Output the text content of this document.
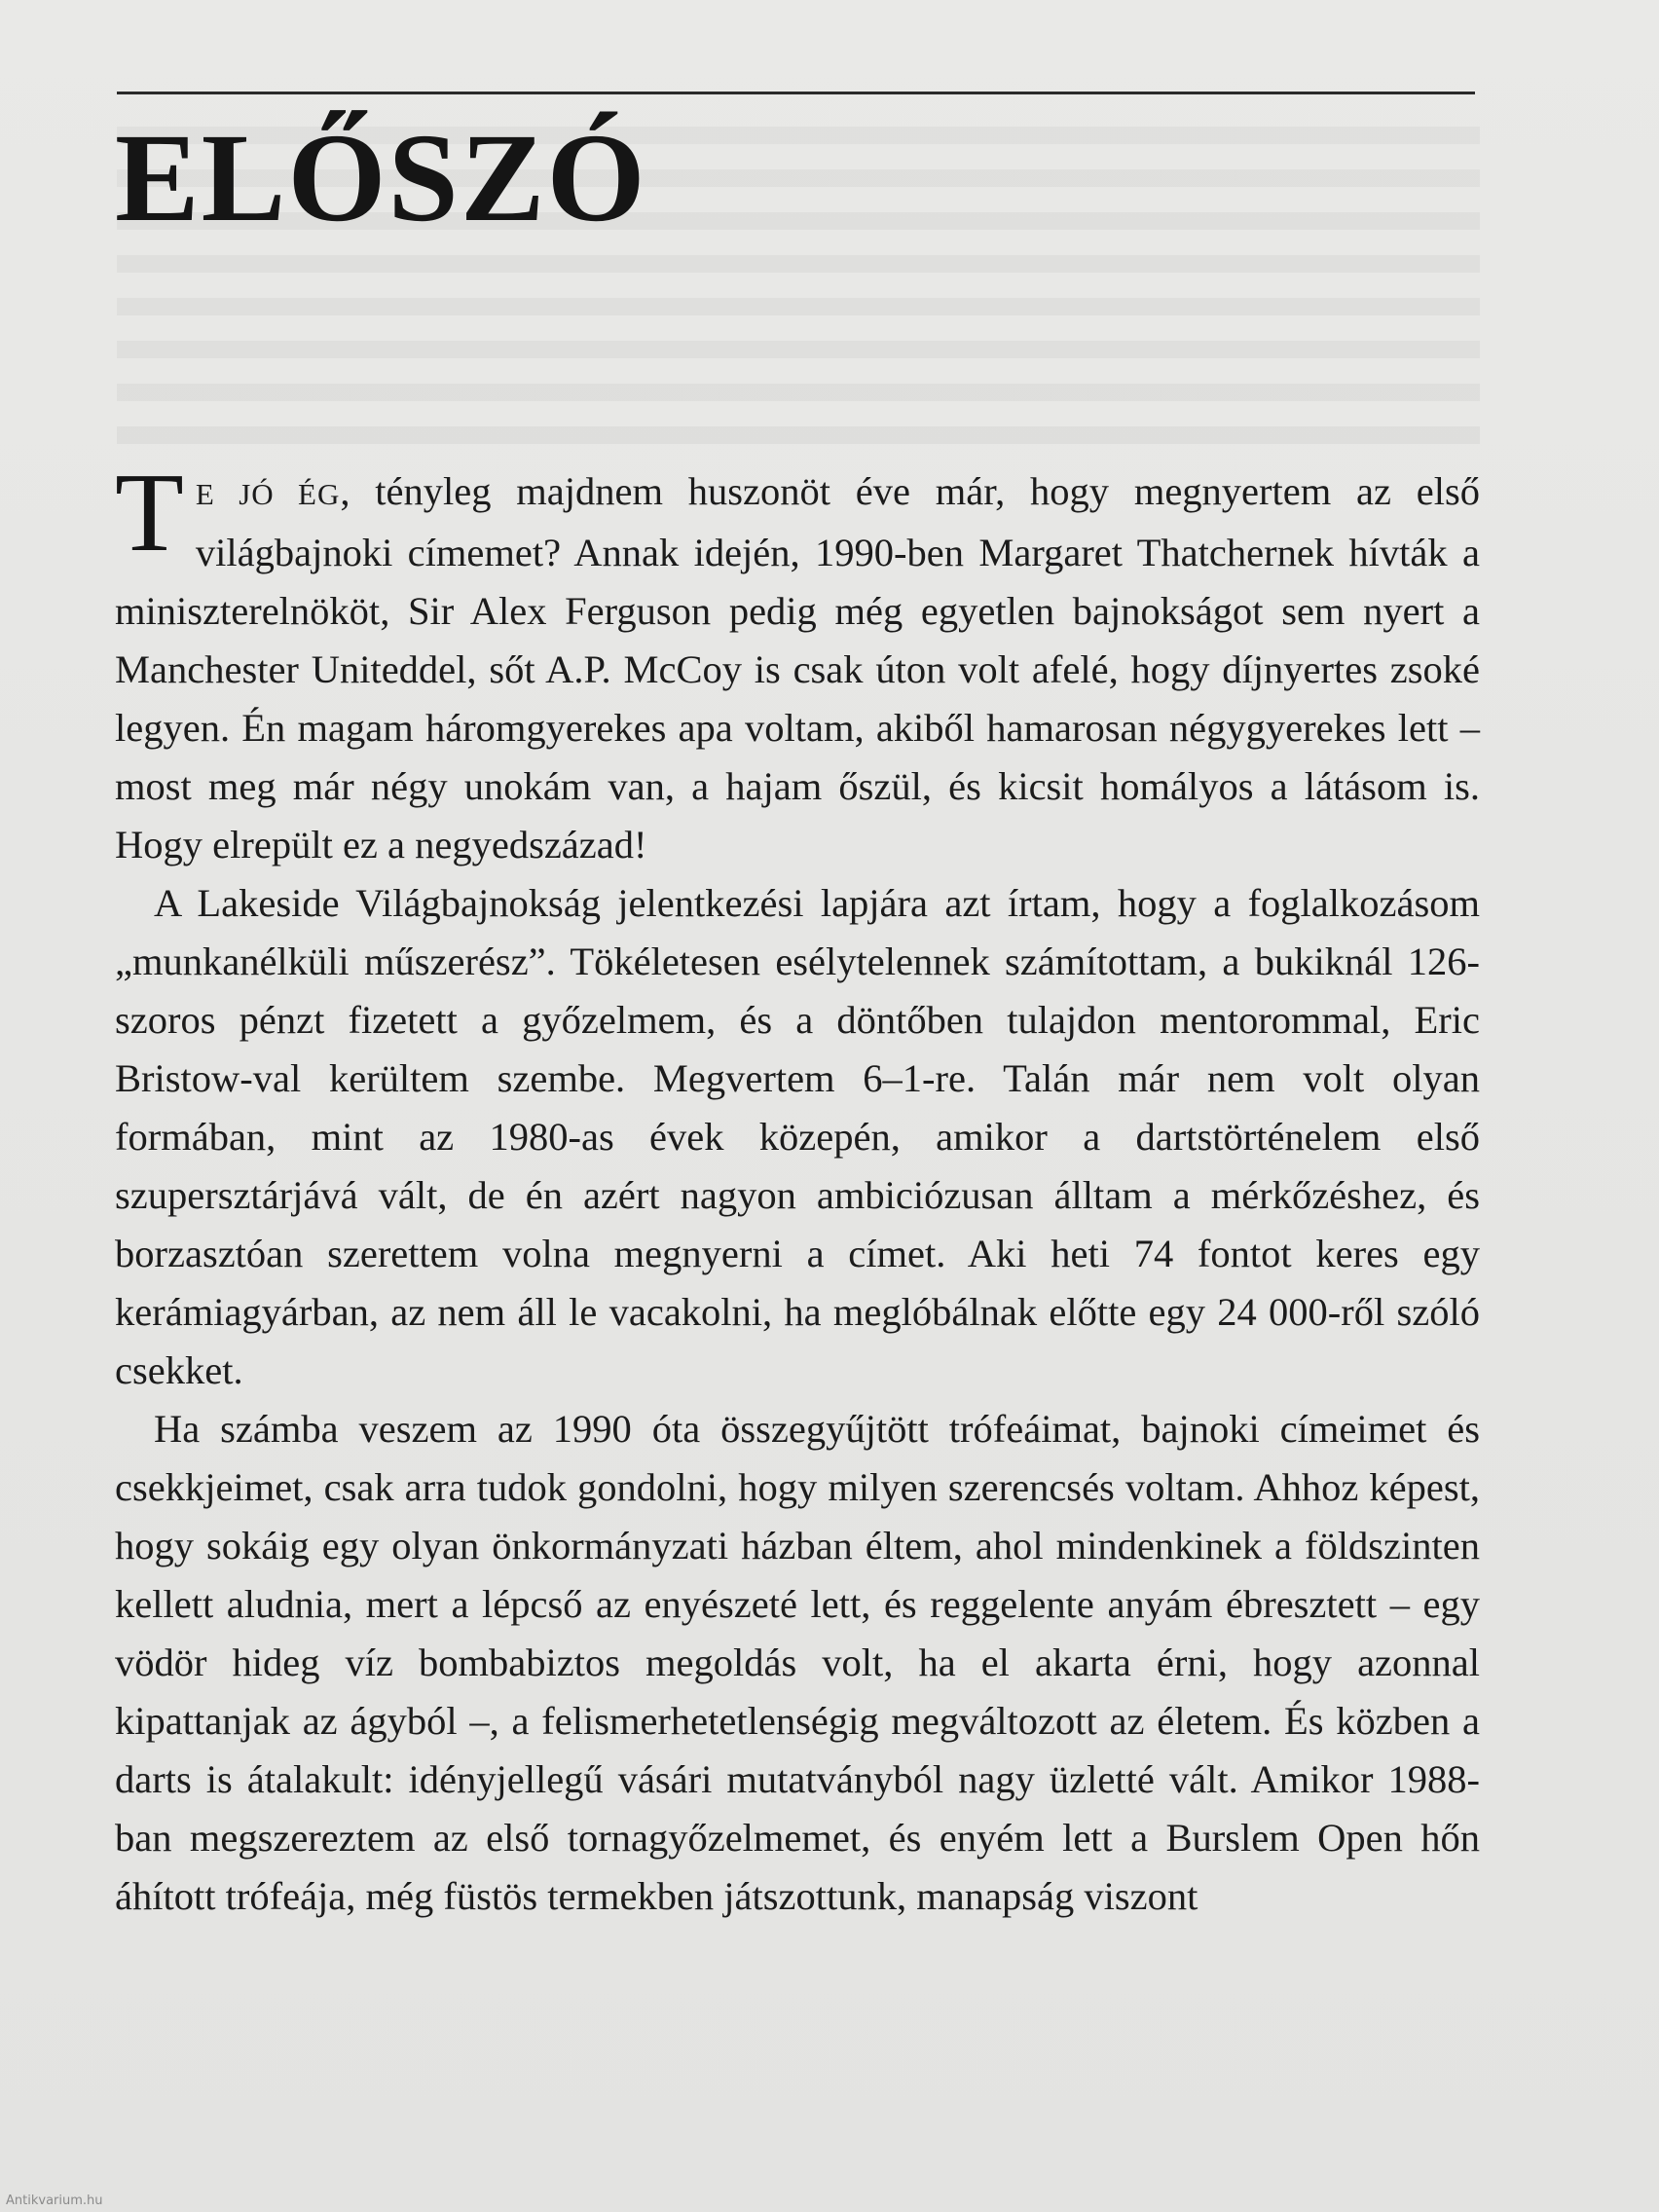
ELŐSZÓ

T E JÓ ÉG, tényleg majdnem huszonöt éve már, hogy megnyertem az első világbajnoki címemet? Annak idején, 1990-ben Margaret Thatchernek hívták a miniszterelnököt, Sir Alex Ferguson pedig még egyetlen bajnokságot sem nyert a Manchester Uniteddel, sőt A.P. McCoy is csak úton volt afelé, hogy díjnyertes zsoké legyen. Én magam háromgyerekes apa voltam, akiből hamarosan négygyerekes lett – most meg már négy unokám van, a hajam őszül, és kicsit homályos a látásom is. Hogy elrepült ez a negyedszázad!

A Lakeside Világbajnokság jelentkezési lapjára azt írtam, hogy a foglalkozásom „munkanélküli műszerész”. Tökéletesen esélytelennek számítottam, a bukiknál 126-szoros pénzt fizetett a győzelmem, és a döntőben tulajdon mentorommal, Eric Bristow-val kerültem szembe. Megvertem 6–1-re. Talán már nem volt olyan formában, mint az 1980-as évek közepén, amikor a dartstörténelem első szupersztárjává vált, de én azért nagyon ambiciózusan álltam a mérkőzéshez, és borzasztóan szerettem volna megnyerni a címet. Aki heti 74 fontot keres egy kerámiagyárban, az nem áll le vacakolni, ha meglóbálnak előtte egy 24 000-ről szóló csekket.

Ha számba veszem az 1990 óta összegyűjtött trófeáimat, bajnoki címeimet és csekkjeimet, csak arra tudok gondolni, hogy milyen szerencsés voltam. Ahhoz képest, hogy sokáig egy olyan önkormányzati házban éltem, ahol mindenkinek a földszinten kellett aludnia, mert a lépcső az enyészeté lett, és reggelente anyám ébresztett – egy vödör hideg víz bombabiztos megoldás volt, ha el akarta érni, hogy azonnal kipattanjak az ágyból –, a felismerhetetlenségig megváltozott az életem. És közben a darts is átalakult: idényjellegű vásári mutatványból nagy üzletté vált. Amikor 1988-ban megszereztem az első tornagyőzelmemet, és enyém lett a Burslem Open hőn áhított trófeája, még füstös termekben játszottunk, manapság viszont

Antikvarium.hu
